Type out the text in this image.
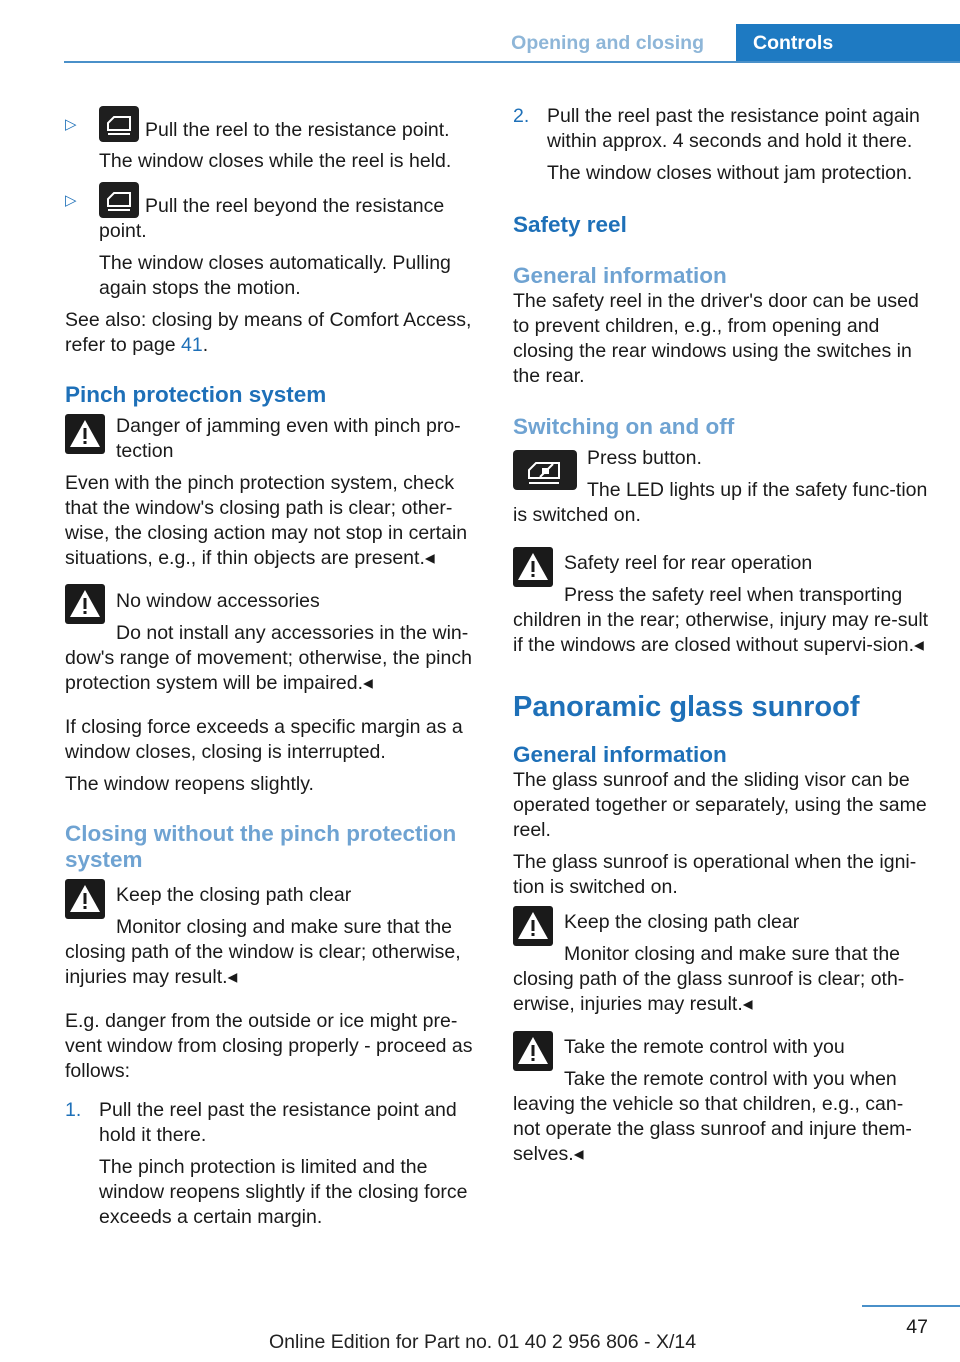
Opening and closing	Controls
▷	Pull the reel to the resistance point.
The window closes while the reel is held.
▷	Pull the reel beyond the resistance point.
The window closes automatically. Pulling again stops the motion.

See also: closing by means of Comfort Access, refer to page 41.

Pinch protection system
Danger of jamming even with pinch pro-tection
Even with the pinch protection system, check that the window's closing path is clear; other-wise, the closing action may not stop in certain situations, e.g., if thin objects are present.◂
No window accessories
Do not install any accessories in the win-dow's range of movement; otherwise, the pinch protection system will be impaired.◂

If closing force exceeds a specific margin as a window closes, closing is interrupted.

The window reopens slightly.

Closing without the pinch protection system
Keep the closing path clear
Monitor closing and make sure that the closing path of the window is clear; otherwise, injuries may result.◂

E.g. danger from the outside or ice might pre-vent window from closing properly - proceed as follows:

1. Pull the reel past the resistance point and hold it there.
The pinch protection is limited and the window reopens slightly if the closing force exceeds a certain margin.
2. Pull the reel past the resistance point again within approx. 4 seconds and hold it there.
The window closes without jam protection.
Safety reel
General information

The safety reel in the driver's door can be used to prevent children, e.g., from opening and closing the rear windows using the switches in the rear.

Switching on and off
Press button.
The LED lights up if the safety func-tion is switched on.
Safety reel for rear operation
Press the safety reel when transporting children in the rear; otherwise, injury may re-sult if the windows are closed without supervi-sion.◂
Panoramic glass sunroof
General information

The glass sunroof and the sliding visor can be operated together or separately, using the same reel.

The glass sunroof is operational when the igni-tion is switched on.

Keep the closing path clear
Monitor closing and make sure that the closing path of the glass sunroof is clear; oth-erwise, injuries may result.◂
Take the remote control with you
Take the remote control with you when leaving the vehicle so that children, e.g., can-not operate the glass sunroof and injure them-selves.◂
47
Online Edition for Part no. 01 40 2 956 806 - X/14
